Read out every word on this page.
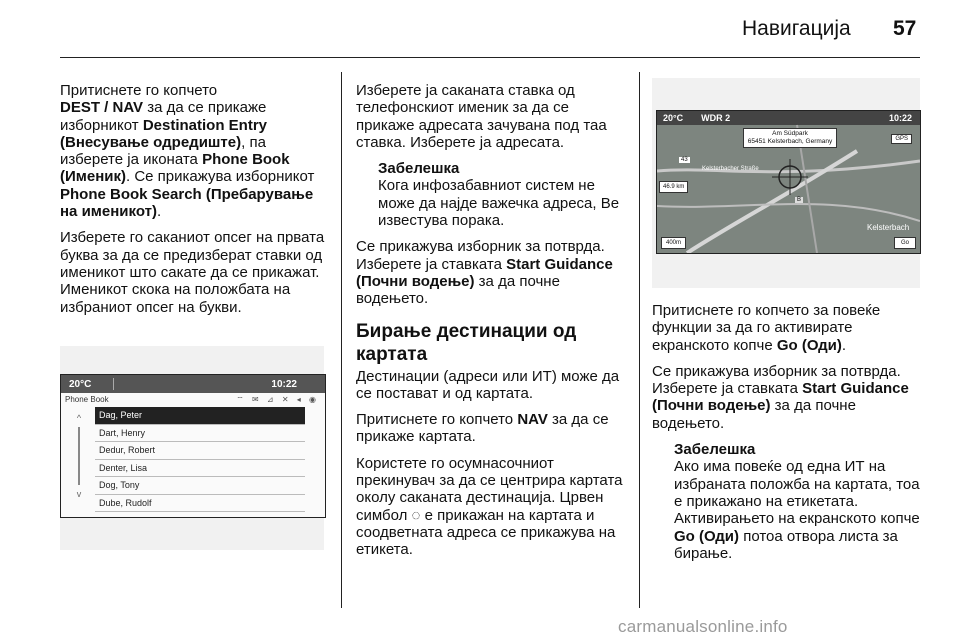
Навигација 57

Притиснете го копчето
DEST / NAV за да се прикаже изборникот Destination Entry (Внесување одредиште), па изберете ја иконата Phone Book (Именик). Се прикажува изборникот Phone Book Search (Пребарување на именикот).

Изберете го саканиот опсег на првата буква за да се предизберат ставки од именикот што сакате да се прикажат. Именикот скока на положбата на избраниот опсег на букви.

20°C	10:22
Phone Book	⌔ ✉ ⊿ ✕ ◂ ◉
^
v
Dag, Peter
Dart, Henry
Dedur, Robert
Denter, Lisa
Dog, Tony
Dube, Rudolf

Изберете ја саканата ставка од телефонскиот именик за да се прикаже адресата зачувана под таа ставка. Изберете ја адресата.

Забелешка

Кога инфозабавниот систем не може да најде важечка адреса, Ве известува порака.

Се прикажува изборник за потврда. Изберете ја ставката Start Guidance (Почни водење) за да почне водењето.

Бирање дестинации од картата

Дестинации (адреси или ИТ) може да се поставaт и од картата.

Притиснете го копчето NAV за да се прикаже картата.

Користете го осумнасочниот прекинувач за да се центрира картата околу саканата дестинација. Црвен симбол ◌ е прикажан на картата и соодветната адреса се прикажува на етикета.

20°C WDR 2	10:22
Am Südpark
65451 Kelsterbach, Germany	GPS
43
Kelsterbacher Straße
Kelsterbach
B
46.9 km
400m	Go

Притиснете го копчето за повеќе функции за да го активирате екранското копче Go (Оди).

Се прикажува изборник за потврда. Изберете ја ставката Start Guidance (Почни водење) за да почне водењето.

Забелешка

Ако има повеќе од една ИТ на избраната положба на картата, тоа е прикажано на етикетата. Активирањето на екранското копче Go (Оди) потоа отвора листа за бирање.

carmanualsonline.info
